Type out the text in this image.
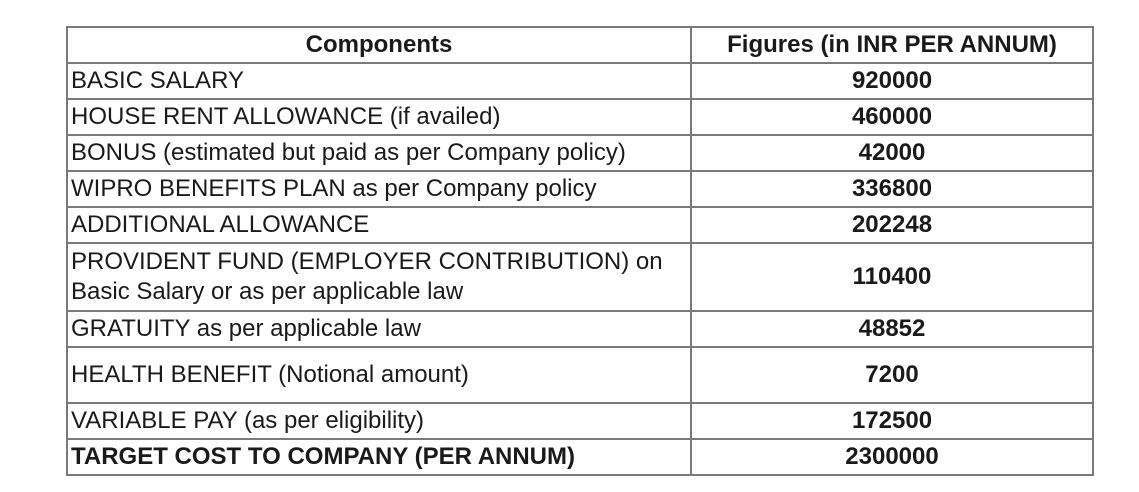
Components	Figures (in INR PER ANNUM)
BASIC SALARY	920000
HOUSE RENT ALLOWANCE (if availed)	460000
BONUS (estimated but paid as per Company policy)	42000
WIPRO BENEFITS PLAN as per Company policy	336800
ADDITIONAL ALLOWANCE	202248
PROVIDENT FUND (EMPLOYER CONTRIBUTION) on Basic Salary or as per applicable law	110400
GRATUITY as per applicable law	48852
HEALTH BENEFIT (Notional amount)	7200
VARIABLE PAY (as per eligibility)	172500
TARGET COST TO COMPANY (PER ANNUM)	2300000
